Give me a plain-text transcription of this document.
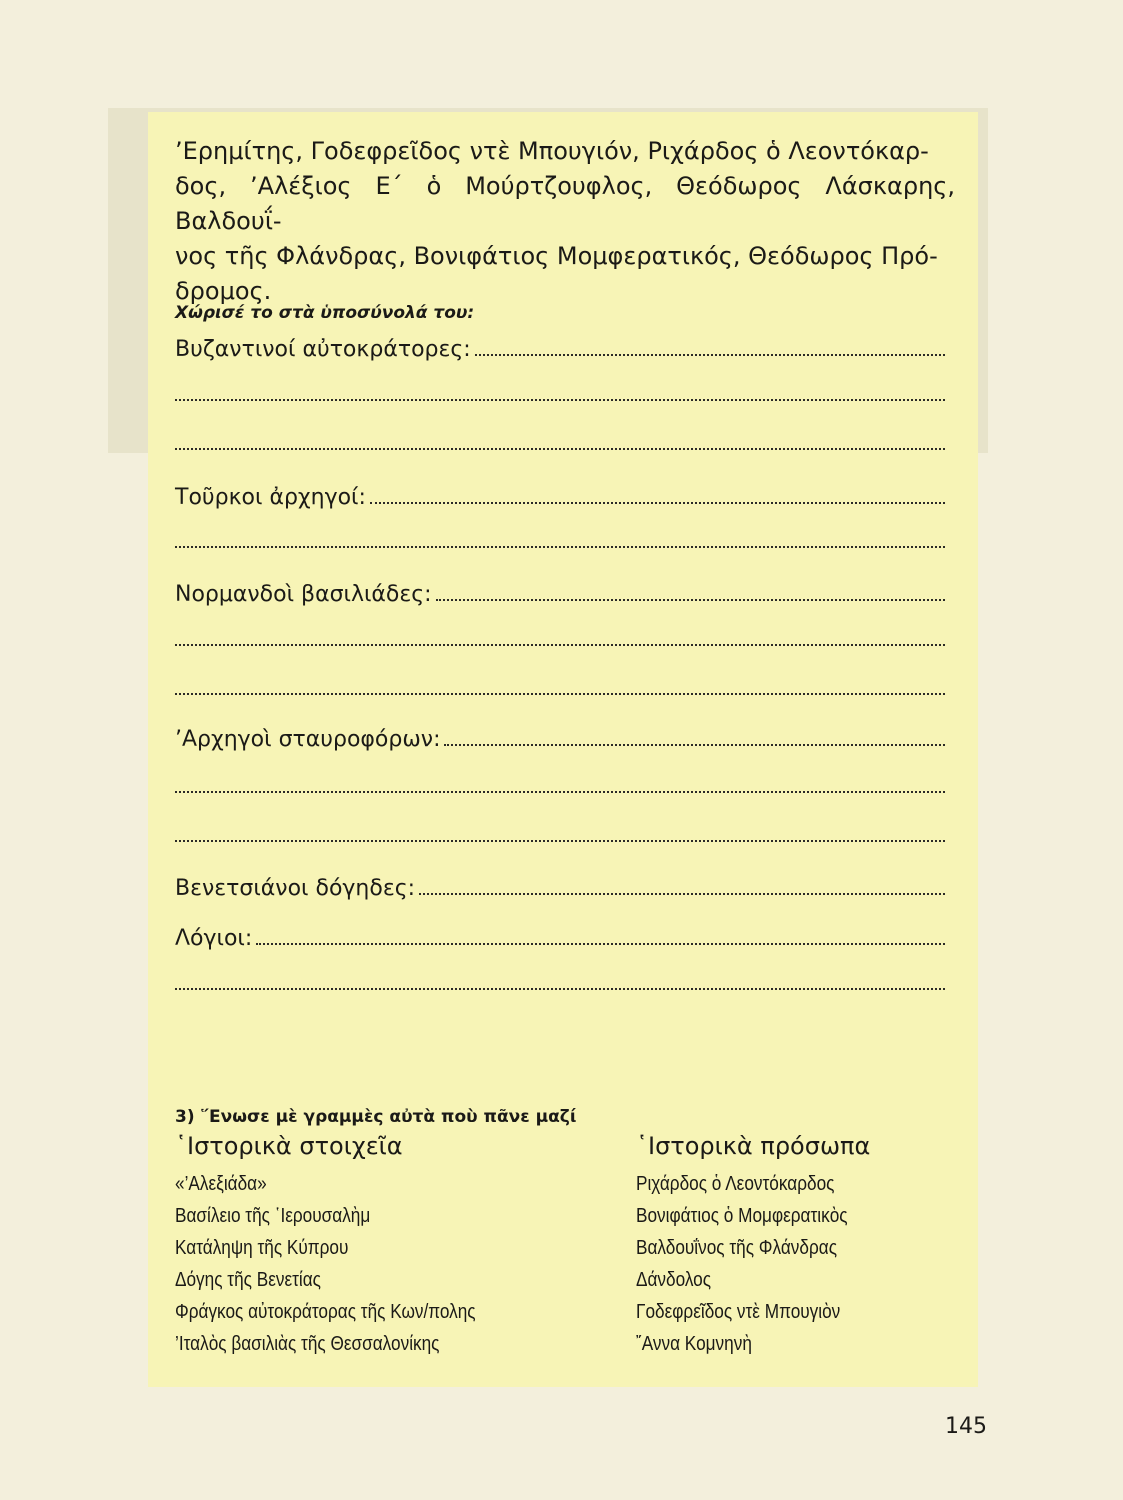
’Ερημίτης, Γοδεφρεῖδος ντὲ Μπουγιόν, Ριχάρδος ὁ Λεοντόκαρ-
δος, ’Αλέξιος Ε΄ ὁ Μούρτζουφλος, Θεόδωρος Λάσκαρης, Βαλδουΐ-
νος τῆς Φλάνδρας, Βονιφάτιος Μομφερατικός, Θεόδωρος Πρό-
δρομος.
Χώρισέ το στὰ ὑποσύνολά του:
Βυζαντινοί αὐτοκράτορες:
Τοῦρκοι ἀρχηγοί:
Νορμανδοὶ βασιλιάδες:
’Αρχηγοὶ σταυροφόρων:
Βενετσιάνοι δόγηδες:
Λόγιοι:
3) ῞Ενωσε μὲ γραμμὲς αὐτὰ ποὺ πᾶνε μαζί
῾Ιστορικὰ στοιχεῖα	῾Ιστορικὰ πρόσωπα
«’Αλεξιάδα»
Βασίλειο τῆς ῾Ιερουσαλὴμ
Κατάληψη τῆς Κύπρου
Δόγης τῆς Βενετίας
Φράγκος αὐτοκράτορας τῆς Κων/πολης
’Ιταλὸς βασιλιὰς τῆς Θεσσαλονίκης
Ριχάρδος ὁ Λεοντόκαρδος
Βονιφάτιος ὁ Μομφερατικὸς
Βαλδουΐνος τῆς Φλάνδρας
Δάνδολος
Γοδεφρεῖδος ντὲ Μπουγιὸν
῎Αννα Κομνηνὴ
145
